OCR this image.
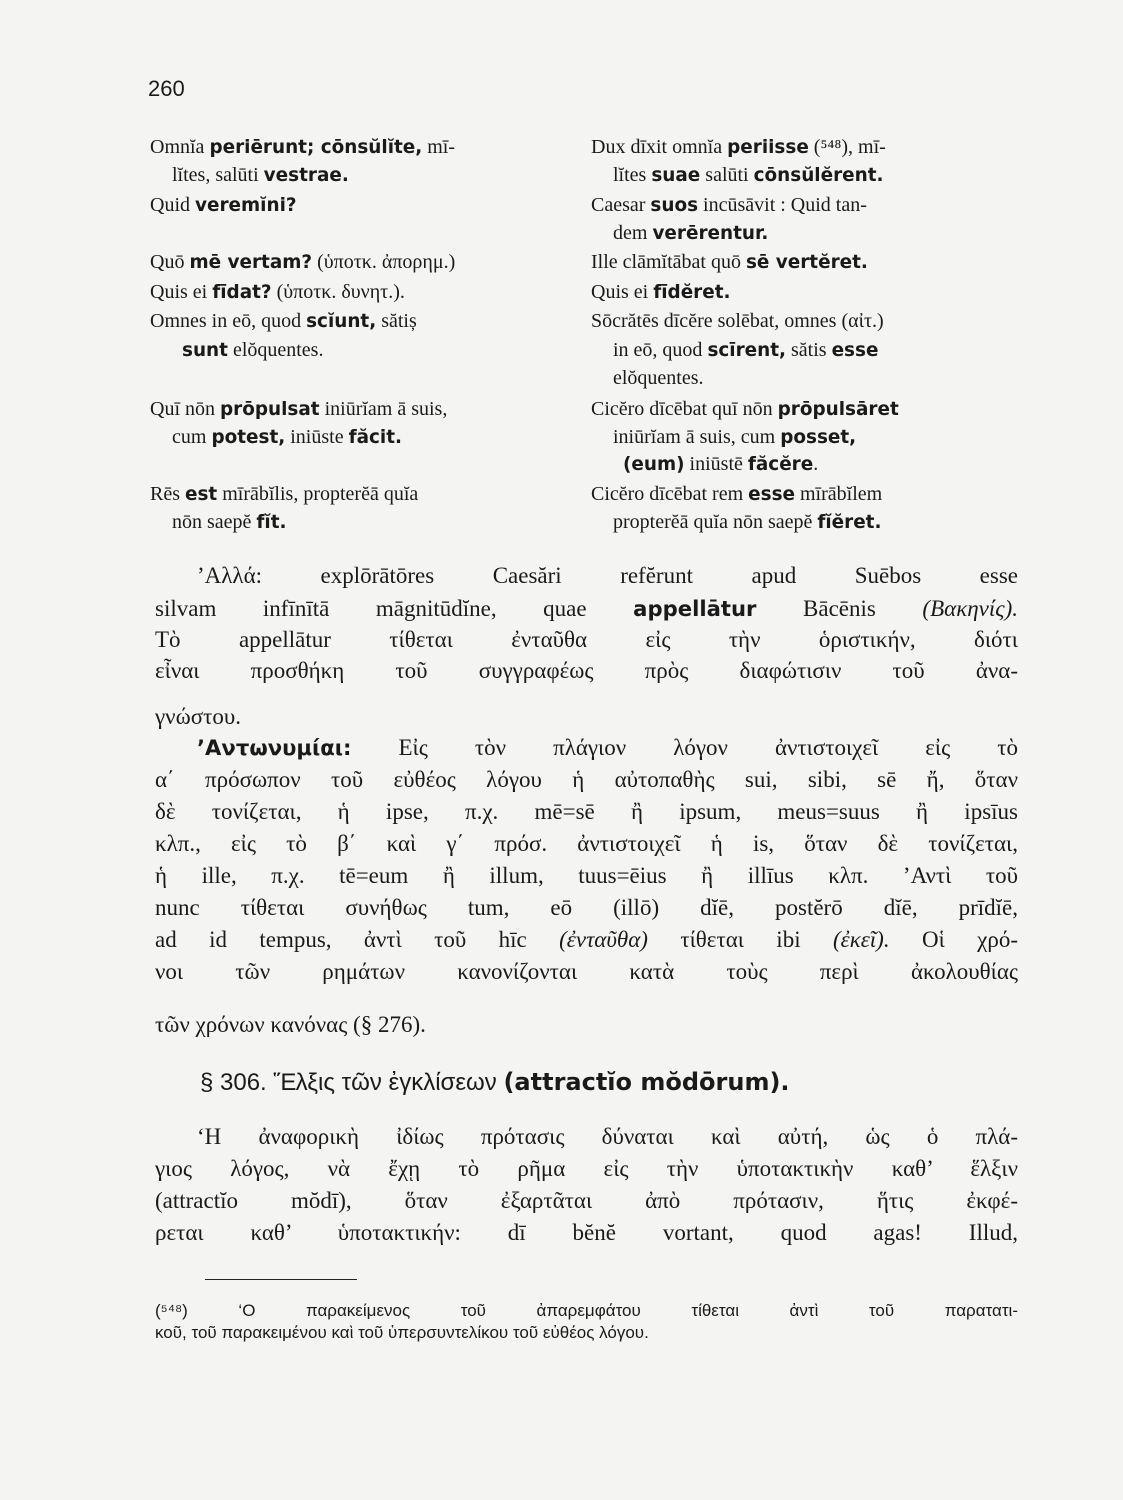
260
Omnĭa periērunt; cōnsŭlĭte, mī-
lĭtes, salūti vestrae.
Quid veremĭni?
Quō mē vertam? (ὑποτκ. ἀπορημ.)
Quis ei fīdat? (ὑποτκ. δυνητ.).
Omnes in eō, quod scĭunt, sătiș
sunt elŏquentes.
Quī nōn prōpulsat iniūrĭam ā suis,
cum potest, iniūste făcit.
Rēs est mīrābĭlis, propterĕā quĭa
nōn saepĕ fĭt.
Dux dīxit omnĭa periisse (⁵⁴⁸), mī-
lĭtes suae salūti cōnsŭlĕrent.
Caesar suos incūsāvit : Quid tan-
dem verērentur.
Ille clāmĭtābat quō sē vertĕret.
Quis ei fīdĕret.
Sōcrătēs dīcĕre solēbat, omnes (αἰτ.)
in eō, quod scīrent, sătis esse
elŏquentes.
Cicĕro dīcēbat quī nōn prōpulsāret
iniūrĭam ā suis, cum posset,
(eum) iniūstē făcĕre.
Cicĕro dīcēbat rem esse mīrābĭlem
propterĕā quĭa nōn saepĕ fĭĕret.
’Αλλά: explōrātōres Caesări refĕrunt apud Suēbos esse
silvam infīnītā māgnitūdĭne, quae appellātur Bācēnis (Βακηνίς).
Τὸ appellātur τίθεται ἐνταῦθα εἰς τὴν ὁριστικήν, διότι
εἶναι προσθήκη τοῦ συγγραφέως πρὸς διαφώτισιν τοῦ ἀνα-
γνώστου.
’Αντωνυμίαι: Εἰς τὸν πλάγιον λόγον ἀντιστοιχεῖ εἰς τὸ
α΄ πρόσωπον τοῦ εὐθέος λόγου ἡ αὐτοπαθὴς sui, sibi, sē ἤ, ὅταν
δὲ τονίζεται, ἡ ipse, π.χ. mē=sē ἢ ipsum, meus=suus ἢ ipsīus
κλπ., εἰς τὸ β΄ καὶ γ΄ πρόσ. ἀντιστοιχεῖ ἡ is, ὅταν δὲ τονίζεται,
ἡ ille, π.χ. tē=eum ἢ illum, tuus=ēius ἢ illīus κλπ. ’Αντὶ τοῦ
nunc τίθεται συνήθως tum, eō (illō) dĭē, postĕrō dĭē, prīdĭē,
ad id tempus, ἀντὶ τοῦ hīc (ἐνταῦθα) τίθεται ibi (ἐκεῖ). Οἱ χρό-
νοι τῶν ρημάτων κανονίζονται κατὰ τοὺς περὶ ἀκολουθίας
τῶν χρόνων κανόνας (§ 276).
§ 306. Ἕλξις τῶν ἐγκλίσεων (attractĭo mŏdōrum).
‘Η ἀναφορικὴ ἰδίως πρότασις δύναται καὶ αὐτή, ὡς ὁ πλά-
γιος λόγος, νὰ ἔχῃ τὸ ρῆμα εἰς τὴν ὑποτακτικὴν καθ’ ἕλξιν
(attractĭo mŏdī), ὅταν ἐξαρτᾶται ἀπὸ πρότασιν, ἥτις ἐκφέ-
ρεται καθ’ ὑποτακτικήν: dī bĕnĕ vortant, quod agas! Illud,
(⁵⁴⁸) ‘Ο παρακείμενος τοῦ ἀπαρεμφάτου τίθεται ἀντὶ τοῦ παρατατι-
κοῦ, τοῦ παρακειμένου καὶ τοῦ ὑπερσυντελίκου τοῦ εὐθέος λόγου.
